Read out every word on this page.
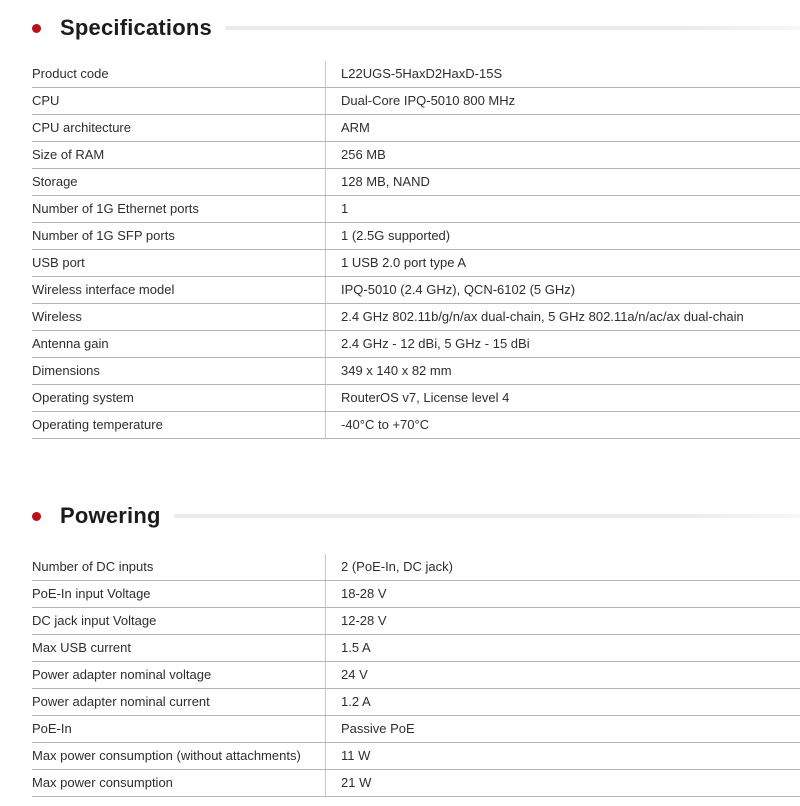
Specifications
Product code	L22UGS-5HaxD2HaxD-15S
CPU	Dual-Core IPQ-5010 800 MHz
CPU architecture	ARM
Size of RAM	256 MB
Storage	128 MB, NAND
Number of 1G Ethernet ports	1
Number of 1G SFP ports	1 (2.5G supported)
USB port	1 USB 2.0 port type A
Wireless interface model	IPQ-5010 (2.4 GHz), QCN-6102 (5 GHz)
Wireless	2.4 GHz 802.11b/g/n/ax dual-chain, 5 GHz 802.11a/n/ac/ax dual-chain
Antenna gain	2.4 GHz - 12 dBi, 5 GHz - 15 dBi
Dimensions	349 x 140 x 82 mm
Operating system	RouterOS v7, License level 4
Operating temperature	-40°C to +70°C
Powering
Number of DC inputs	2 (PoE-In, DC jack)
PoE-In input Voltage	18-28 V
DC jack input Voltage	12-28 V
Max USB current	1.5 A
Power adapter nominal voltage	24 V
Power adapter nominal current	1.2 A
PoE-In	Passive PoE
Max power consumption (without attachments)	11 W
Max power consumption	21 W
